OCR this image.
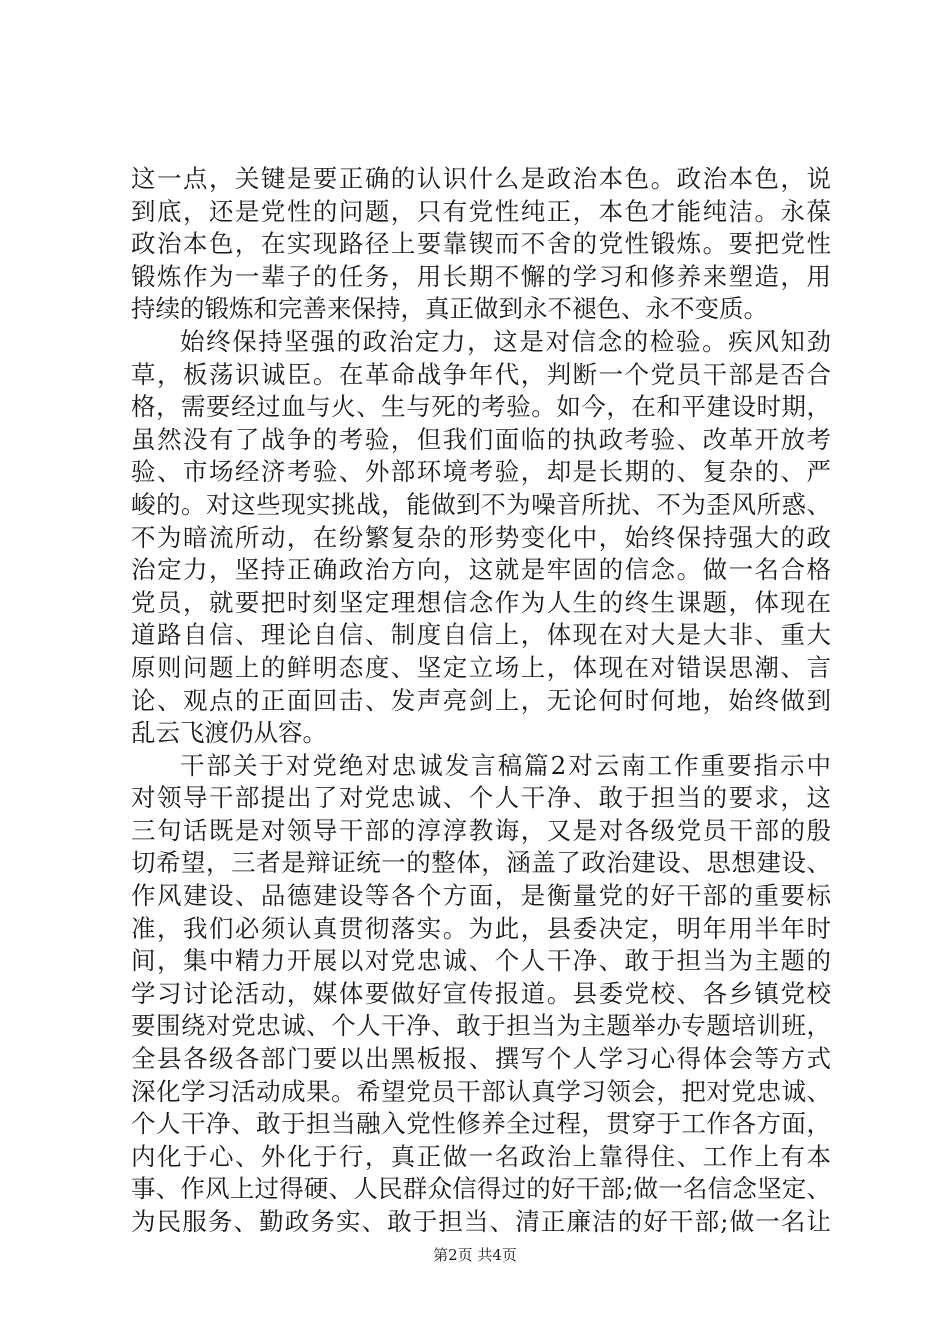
这一点，关键是要正确的认识什么是政治本色。政治本色，说
到底，还是党性的问题，只有党性纯正，本色才能纯洁。永葆
政治本色，在实现路径上要靠锲而不舍的党性锻炼。要把党性
锻炼作为一辈子的任务，用长期不懈的学习和修养来塑造，用
持续的锻炼和完善来保持，真正做到永不褪色、永不变质。
始终保持坚强的政治定力，这是对信念的检验。疾风知劲
草，板荡识诚臣。在革命战争年代，判断一个党员干部是否合
格，需要经过血与火、生与死的考验。如今，在和平建设时期，
虽然没有了战争的考验，但我们面临的执政考验、改革开放考
验、市场经济考验、外部环境考验，却是长期的、复杂的、严
峻的。对这些现实挑战，能做到不为噪音所扰、不为歪风所惑、
不为暗流所动，在纷繁复杂的形势变化中，始终保持强大的政
治定力，坚持正确政治方向，这就是牢固的信念。做一名合格
党员，就要把时刻坚定理想信念作为人生的终生课题，体现在
道路自信、理论自信、制度自信上，体现在对大是大非、重大
原则问题上的鲜明态度、坚定立场上，体现在对错误思潮、言
论、观点的正面回击、发声亮剑上，无论何时何地，始终做到
乱云飞渡仍从容。
干部关于对党绝对忠诚发言稿篇2对云南工作重要指示中
对领导干部提出了对党忠诚、个人干净、敢于担当的要求，这
三句话既是对领导干部的淳淳教诲，又是对各级党员干部的殷
切希望，三者是辩证统一的整体，涵盖了政治建设、思想建设、
作风建设、品德建设等各个方面，是衡量党的好干部的重要标
准，我们必须认真贯彻落实。为此，县委决定，明年用半年时
间，集中精力开展以对党忠诚、个人干净、敢于担当为主题的
学习讨论活动，媒体要做好宣传报道。县委党校、各乡镇党校
要围绕对党忠诚、个人干净、敢于担当为主题举办专题培训班，
全县各级各部门要以出黑板报、撰写个人学习心得体会等方式
深化学习活动成果。希望党员干部认真学习领会，把对党忠诚、
个人干净、敢于担当融入党性修养全过程，贯穿于工作各方面，
内化于心、外化于行，真正做一名政治上靠得住、工作上有本
事、作风上过得硬、人民群众信得过的好干部;做一名信念坚定、
为民服务、勤政务实、敢于担当、清正廉洁的好干部;做一名让
第2页 共4页
